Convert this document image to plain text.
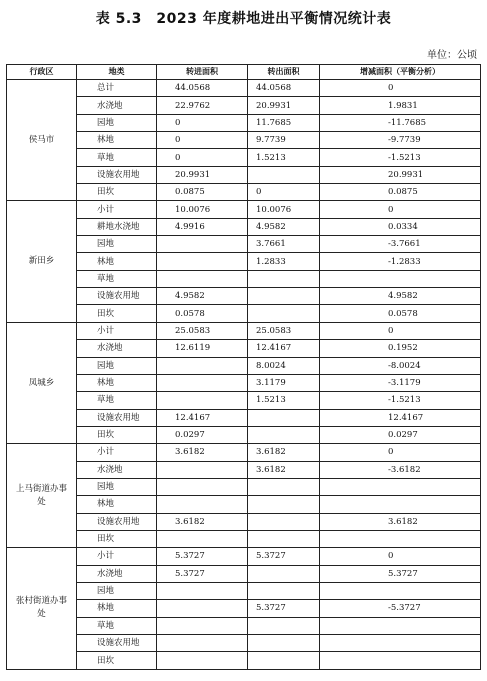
表 5.3　2023 年度耕地进出平衡情况统计表
单位：公顷
行政区	地类	转进面积	转出面积	增减面积（平衡分析）
侯马市	总计	44.0568	44.0568	0
	水浇地	22.9762	20.9931	1.9831
	园地	0	11.7685	-11.7685
	林地	0	9.7739	-9.7739
	草地	0	1.5213	-1.5213
	设施农用地	20.9931		20.9931
	田坎	0.0875	0	0.0875
新田乡	小计	10.0076	10.0076	0
	耕地水浇地	4.9916	4.9582	0.0334
	园地		3.7661	-3.7661
	林地		1.2833	-1.2833
	草地			
	设施农用地	4.9582		4.9582
	田坎	0.0578		0.0578
凤城乡	小计	25.0583	25.0583	0
	水浇地	12.6119	12.4167	0.1952
	园地		8.0024	-8.0024
	林地		3.1179	-3.1179
	草地		1.5213	-1.5213
	设施农用地	12.4167		12.4167
	田坎	0.0297		0.0297
上马街道办事处	小计	3.6182	3.6182	0
	水浇地		3.6182	-3.6182
	园地			
	林地			
	设施农用地	3.6182		3.6182
	田坎			
张村街道办事处	小计	5.3727	5.3727	0
	水浇地	5.3727		5.3727
	园地			
	林地		5.3727	-5.3727
	草地			
	设施农用地			
	田坎			
